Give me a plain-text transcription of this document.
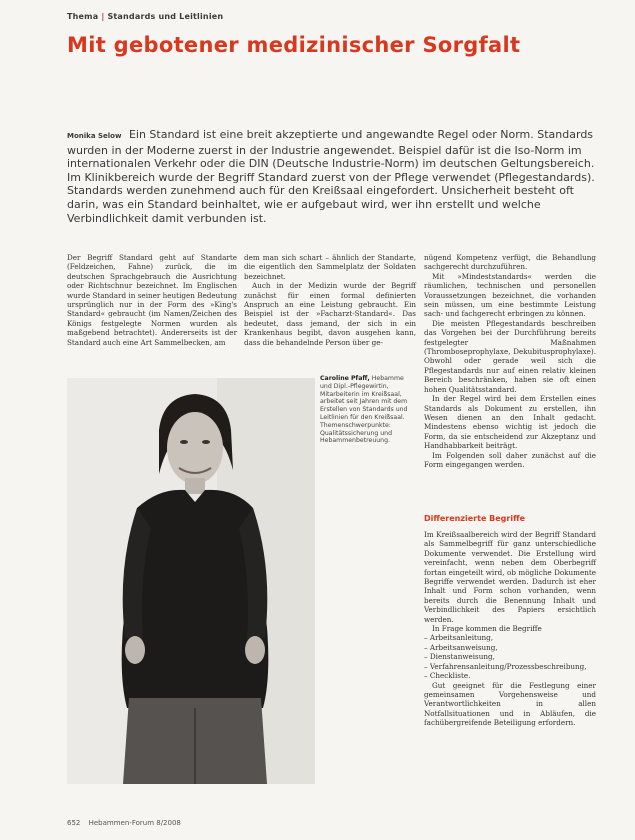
Thema | Standards und Leitlinien
Mit gebotener medizinischer Sorgfalt
Monika Selow Ein Standard ist eine breit akzeptierte und angewandte Regel oder Norm. Standards wurden in der Moderne zuerst in der Industrie angewendet. Beispiel dafür ist die Iso-Norm im internationalen Verkehr oder die DIN (Deutsche Industrie-Norm) im deutschen Geltungsbereich. Im Klinikbereich wurde der Begriff Standard zuerst von der Pflege verwendet (Pflegestandards). Standards werden zunehmend auch für den Kreißsaal eingefordert. Unsicherheit besteht oft darin, was ein Standard beinhaltet, wie er aufgebaut wird, wer ihn erstellt und welche Verbindlichkeit damit verbunden ist.

Der Begriff Standard geht auf Standarte (Feldzeichen, Fahne) zurück, die im deutschen Sprachgebrauch die Ausrichtung oder Richtschnur bezeichnet. Im Englischen wurde Standard in seiner heutigen Bedeutung ursprünglich nur in der Form des »King's Standard« gebraucht (im Namen/Zeichen des Königs festgelegte Normen wurden als maßgebend betrachtet). Andererseits ist der Standard auch eine Art Sammelbecken, am

dem man sich schart – ähnlich der Standarte, die eigentlich den Sammelplatz der Soldaten bezeichnet.

Auch in der Medizin wurde der Begriff zunächst für einen formal definierten Anspruch an eine Leistung gebraucht. Ein Beispiel ist der »Facharzt-Standard«. Das bedeutet, dass jemand, der sich in ein Krankenhaus begibt, davon ausgehen kann, dass die behandelnde Person über ge-

nügend Kompetenz verfügt, die Behandlung sachgerecht durchzuführen.

Mit »Mindeststandards« werden die räumlichen, technischen und personellen Voraussetzungen bezeichnet, die vorhanden sein müssen, um eine bestimmte Leistung sach- und fachgerecht erbringen zu können.

Die meisten Pflegestandards beschreiben das Vorgehen bei der Durchführung bereits festgelegter Maßnahmen (Thromboseprophylaxe, Dekubitusprophylaxe). Obwohl oder gerade weil sich die Pflegestandards nur auf einen relativ kleinen Bereich beschränken, haben sie oft einen hohen Qualitätsstandard.

In der Regel wird bei dem Erstellen eines Standards als Dokument zu erstellen, ihn Wesen dienen an den Inhalt gedacht. Mindestens ebenso wichtig ist jedoch die Form, da sie entscheidend zur Akzeptanz und Handhabbarkeit beiträgt.

Im Folgenden soll daher zunächst auf die Form eingegangen werden.

Differenzierte Begriffe

Im Kreißsaalbereich wird der Begriff Standard als Sammelbegriff für ganz unterschiedliche Dokumente verwendet. Die Erstellung wird vereinfacht, wenn neben dem Oberbegriff fortan eingeteilt wird, ob mögliche Dokumente Begriffe verwendet werden. Dadurch ist eher Inhalt und Form schon vorhanden, wenn bereits durch die Benennung Inhalt und Verbindlichkeit des Papiers ersichtlich werden.

In Frage kommen die Begriffe

– Arbeitsanleitung,
– Arbeitsanweisung,
– Dienstanweisung,
– Verfahrensanleitung/Prozessbeschreibung,
– Checkliste.

Gut geeignet für die Festlegung einer gemeinsamen Vorgehensweise und Verantwortlichkeiten in allen Notfallsituationen und in Abläufen, die fachübergreifende Beteiligung erfordern.

Caroline Pfaff, Hebamme und Dipl.-Pflegewirtin, Mitarbeiterin im Kreißsaal, arbeitet seit Jahren mit dem Erstellen von Standards und Leitlinien für den Kreißsaal. Themenschwerpunkte: Qualitätssicherung und Hebammenbetreuung.
652 Hebammen-Forum 8/2008
